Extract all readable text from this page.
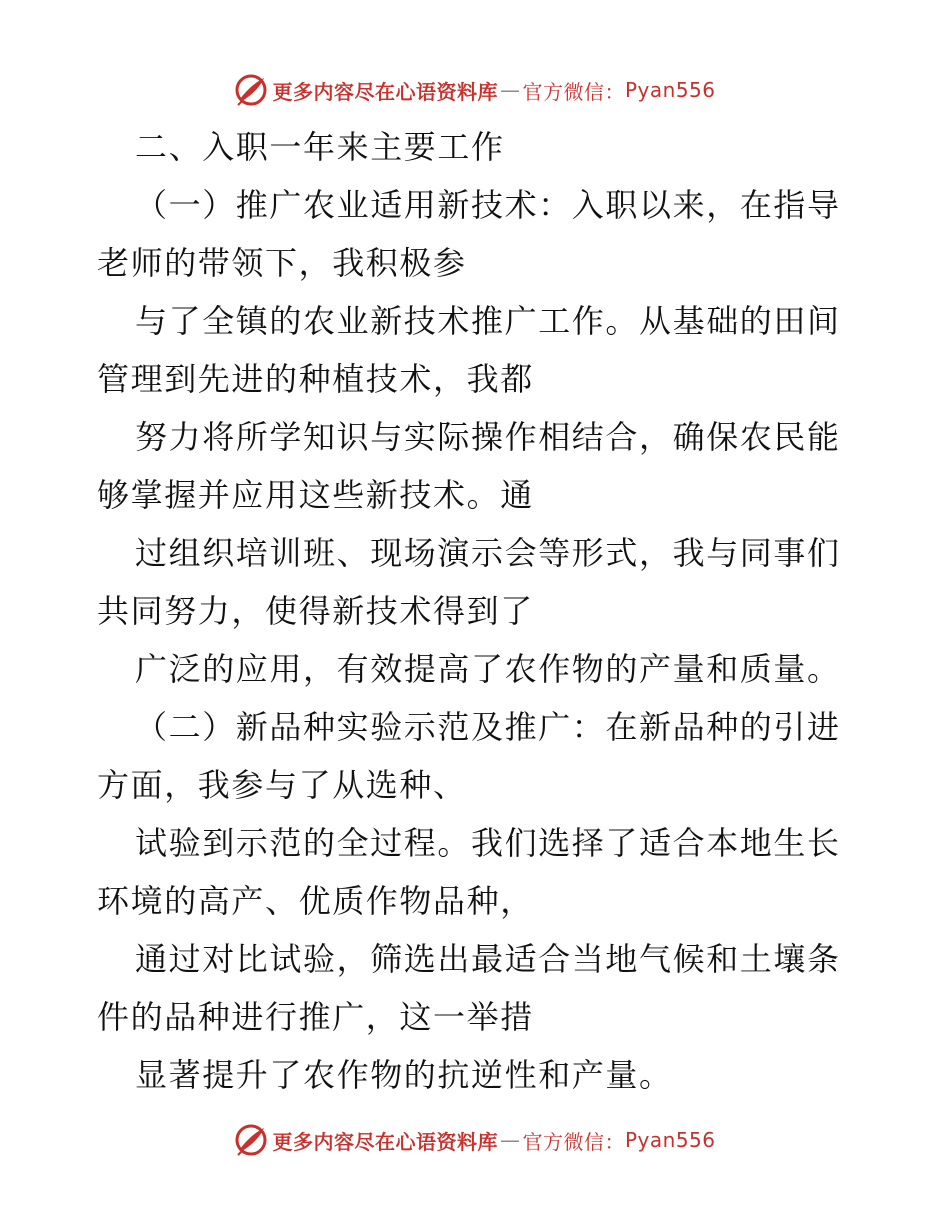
更多内容尽在心语资料库 — 官方微信： Pyan556
二、入职一年来主要工作
（一）推广农业适用新技术：入职以来，在指导
老师的带领下，我积极参
与了全镇的农业新技术推广工作。从基础的田间
管理到先进的种植技术，我都
努力将所学知识与实际操作相结合，确保农民能
够掌握并应用这些新技术。通
过组织培训班、现场演示会等形式，我与同事们
共同努力，使得新技术得到了
广泛的应用，有效提高了农作物的产量和质量。
（二）新品种实验示范及推广：在新品种的引进
方面，我参与了从选种、
试验到示范的全过程。我们选择了适合本地生长
环境的高产、优质作物品种，
通过对比试验，筛选出最适合当地气候和土壤条
件的品种进行推广，这一举措
显著提升了农作物的抗逆性和产量。
更多内容尽在心语资料库 — 官方微信： Pyan556
